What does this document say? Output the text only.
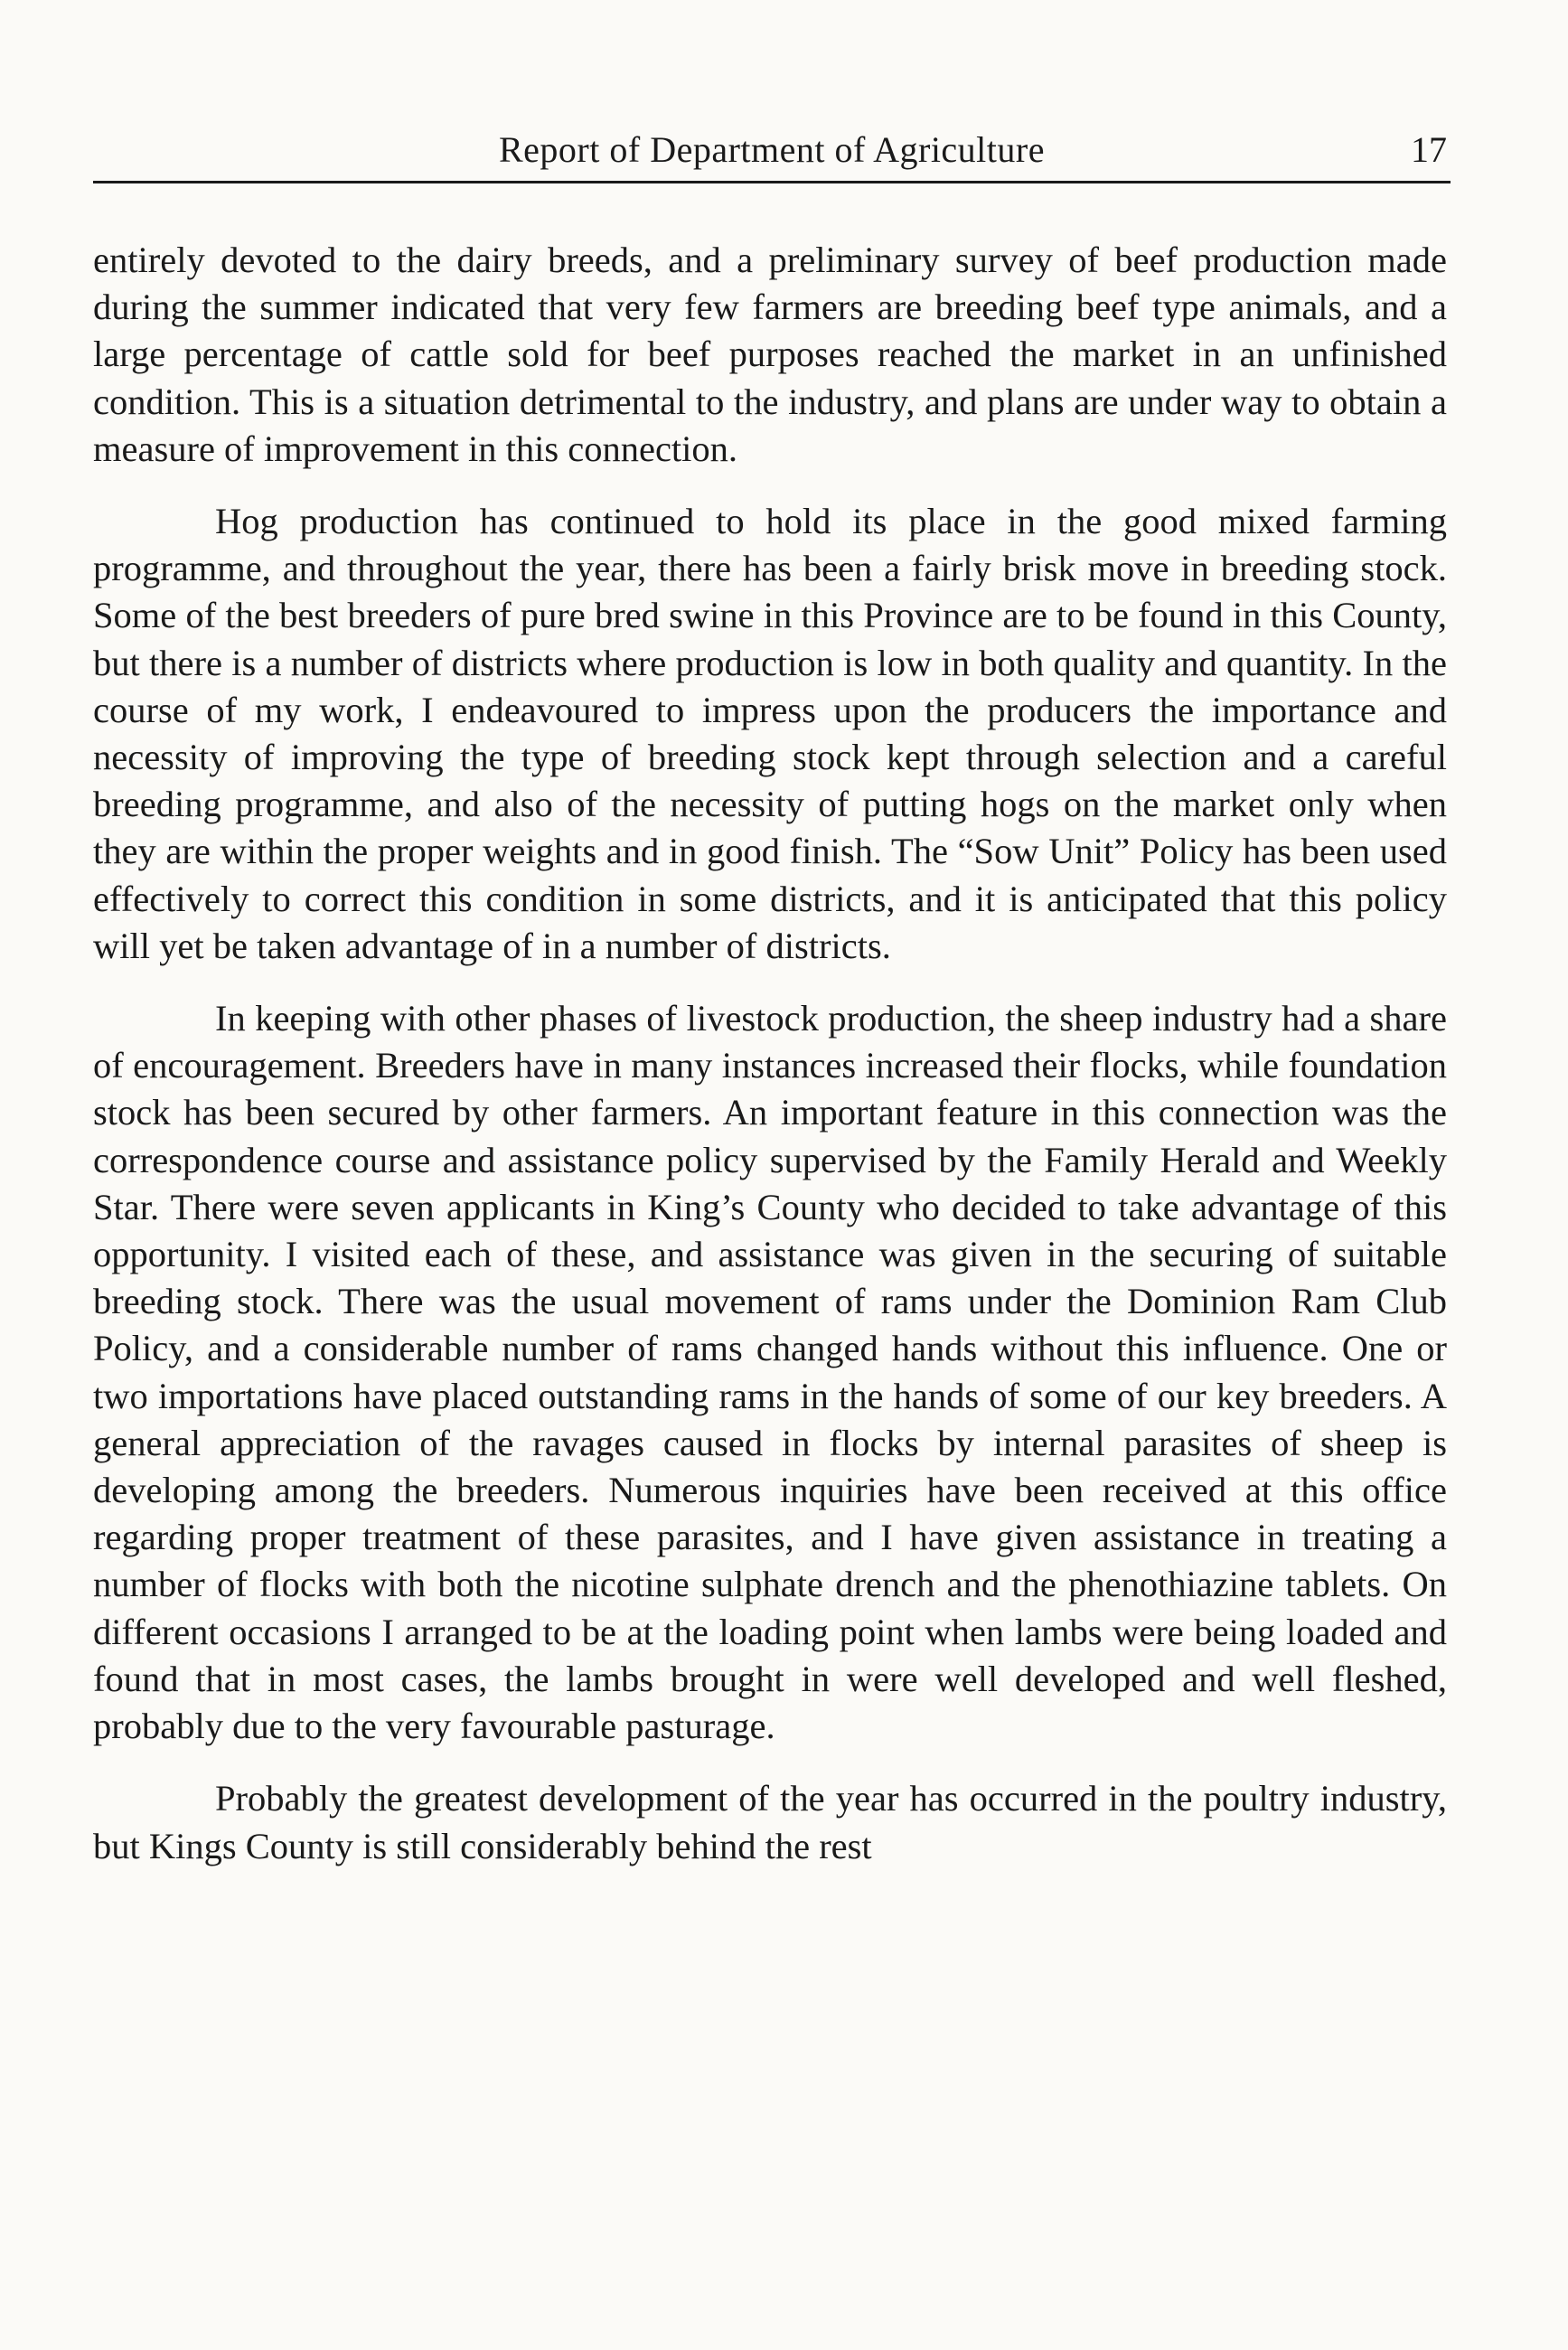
Report of Department of Agriculture	17

entirely devoted to the dairy breeds, and a preliminary survey of beef production made during the summer indicated that very few farmers are breeding beef type animals, and a large percentage of cattle sold for beef purposes reached the market in an unfinished condition. This is a situation detrimental to the industry, and plans are under way to obtain a measure of improvement in this connection.

Hog production has continued to hold its place in the good mixed farming programme, and throughout the year, there has been a fairly brisk move in breeding stock. Some of the best breeders of pure bred swine in this Province are to be found in this County, but there is a number of districts where production is low in both quality and quantity. In the course of my work, I endeavoured to impress upon the producers the importance and necessity of improving the type of breeding stock kept through selection and a careful breeding programme, and also of the necessity of putting hogs on the market only when they are within the proper weights and in good finish. The “Sow Unit” Policy has been used effectively to correct this condition in some districts, and it is anticipated that this policy will yet be taken advantage of in a number of districts.

In keeping with other phases of livestock production, the sheep industry had a share of encouragement. Breeders have in many instances increased their flocks, while foundation stock has been secured by other farmers. An important feature in this connection was the correspondence course and assistance policy supervised by the Family Herald and Weekly Star. There were seven applicants in King’s County who decided to take advantage of this opportunity. I visited each of these, and assistance was given in the securing of suitable breeding stock. There was the usual movement of rams under the Dominion Ram Club Policy, and a considerable number of rams changed hands without this influence. One or two importations have placed outstanding rams in the hands of some of our key breeders. A general appreciation of the ravages caused in flocks by internal parasites of sheep is developing among the breeders. Numerous inquiries have been received at this office regarding proper treatment of these parasites, and I have given assistance in treating a number of flocks with both the nicotine sulphate drench and the phenothiazine tablets. On different occasions I arranged to be at the loading point when lambs were being loaded and found that in most cases, the lambs brought in were well developed and well fleshed, probably due to the very favourable pasturage.

Probably the greatest development of the year has occurred in the poultry industry, but Kings County is still considerably behind the rest
